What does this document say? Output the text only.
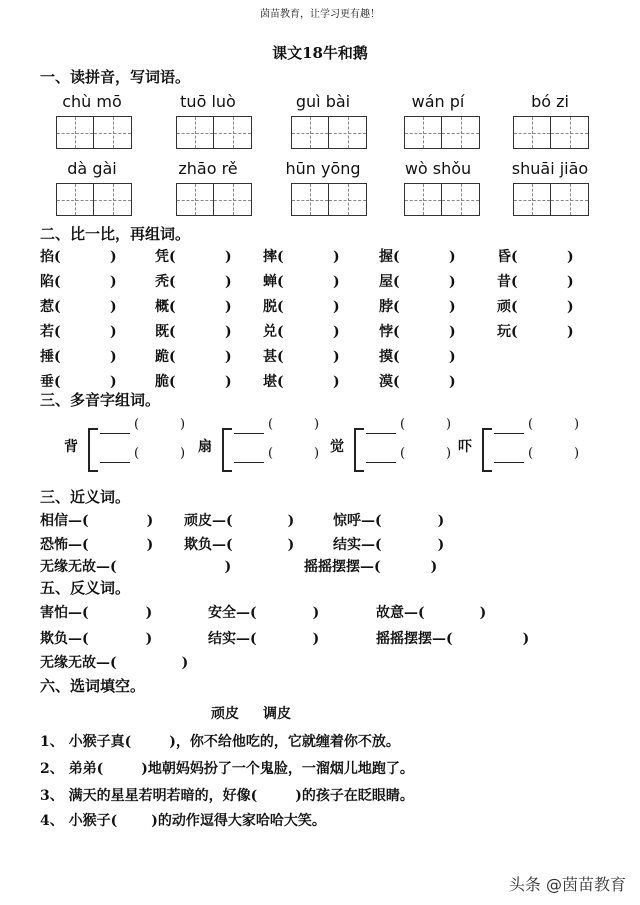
茵苗教育，让学习更有趣！
课文18牛和鹅
一、读拼音，写词语。
chù mō	tuō luò	guì bài	wán pí	bó zi
dà gài	zhāo rě	hūn yōng	wò shǒu	shuāi jiāo
二、比一比，再组词。
掐(	)	凭(	) 摔(	)	握(	)	昏(	)
陷(	)	秃(	) 蝉(	)	屋(	)	昔(	)
惹(	)	概(	) 脱(	)	脖(	)	顽(	)
若(	)	既(	) 兑(	)	悖(	)	玩(	)
捶(	)	跪(	) 甚(	)	摸(	)
垂(	)	脆(	) 堪(	)	漠(	)
三、多音字组词。
背
(	)
(	) 扇
(	)
(	) 觉
(	)
(	) 吓
(	)
(	)
三、近义词。
相信—(	) 顽皮—(	)	惊呼—(	)
恐怖—(	) 欺负—(	)	结实—(	)
无缘无故—(	)	摇摇摆摆—(	)
五、反义词。
害怕—(	)	安全—(	)	故意—(	)
欺负—(	)	结实—(	)	摇摇摆摆—(	)
无缘无故—(	)
六、选词填空。
顽皮 调皮
1、 小猴子真(	)，你不给他吃的，它就缠着你不放。
2、 弟弟(	)地朝妈妈扮了一个鬼脸，一溜烟儿地跑了。
3、 满天的星星若明若暗的，好像(	)的孩子在眨眼睛。
4、 小猴子( )的动作逗得大家哈哈大笑。
头条 @茵苗教育
